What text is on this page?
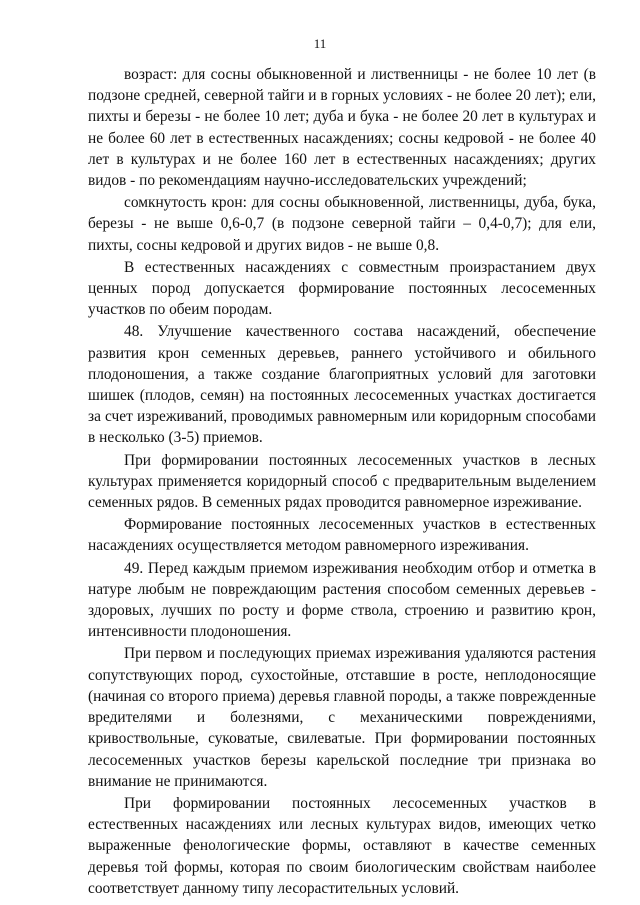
11

возраст: для сосны обыкновенной и лиственницы - не более 10 лет (в подзоне средней, северной тайги и в горных условиях - не более 20 лет); ели, пихты и березы - не более 10 лет; дуба и бука - не более 20 лет в культурах и не более 60 лет в естественных насаждениях; сосны кедровой - не более 40 лет в культурах и не более 160 лет в естественных насаждениях; других видов - по рекомендациям научно-исследовательских учреждений;

сомкнутость крон: для сосны обыкновенной, лиственницы, дуба, бука, березы - не выше 0,6-0,7 (в подзоне северной тайги – 0,4-0,7); для ели, пихты, сосны кедровой и других видов - не выше 0,8.

В естественных насаждениях с совместным произрастанием двух ценных пород допускается формирование постоянных лесосеменных участков по обеим породам.

48. Улучшение качественного состава насаждений, обеспечение развития крон семенных деревьев, раннего устойчивого и обильного плодоношения, а также создание благоприятных условий для заготовки шишек (плодов, семян) на постоянных лесосеменных участках достигается за счет изреживаний, проводимых равномерным или коридорным способами в несколько (3-5) приемов.

При формировании постоянных лесосеменных участков в лесных культурах применяется коридорный способ с предварительным выделением семенных рядов. В семенных рядах проводится равномерное изреживание.

Формирование постоянных лесосеменных участков в естественных насаждениях осуществляется методом равномерного изреживания.

49. Перед каждым приемом изреживания необходим отбор и отметка в натуре любым не повреждающим растения способом семенных деревьев - здоровых, лучших по росту и форме ствола, строению и развитию крон, интенсивности плодоношения.

При первом и последующих приемах изреживания удаляются растения сопутствующих пород, сухостойные, отставшие в росте, неплодоносящие (начиная со второго приема) деревья главной породы, а также поврежденные вредителями и болезнями, с механическими повреждениями, кривоствольные, суковатые, свилеватые. При формировании постоянных лесосеменных участков березы карельской последние три признака во внимание не принимаются.

При формировании постоянных лесосеменных участков в естественных насаждениях или лесных культурах видов, имеющих четко выраженные фенологические формы, оставляют в качестве семенных деревья той формы, которая по своим биологическим свойствам наиболее соответствует данному типу лесорастительных условий.
